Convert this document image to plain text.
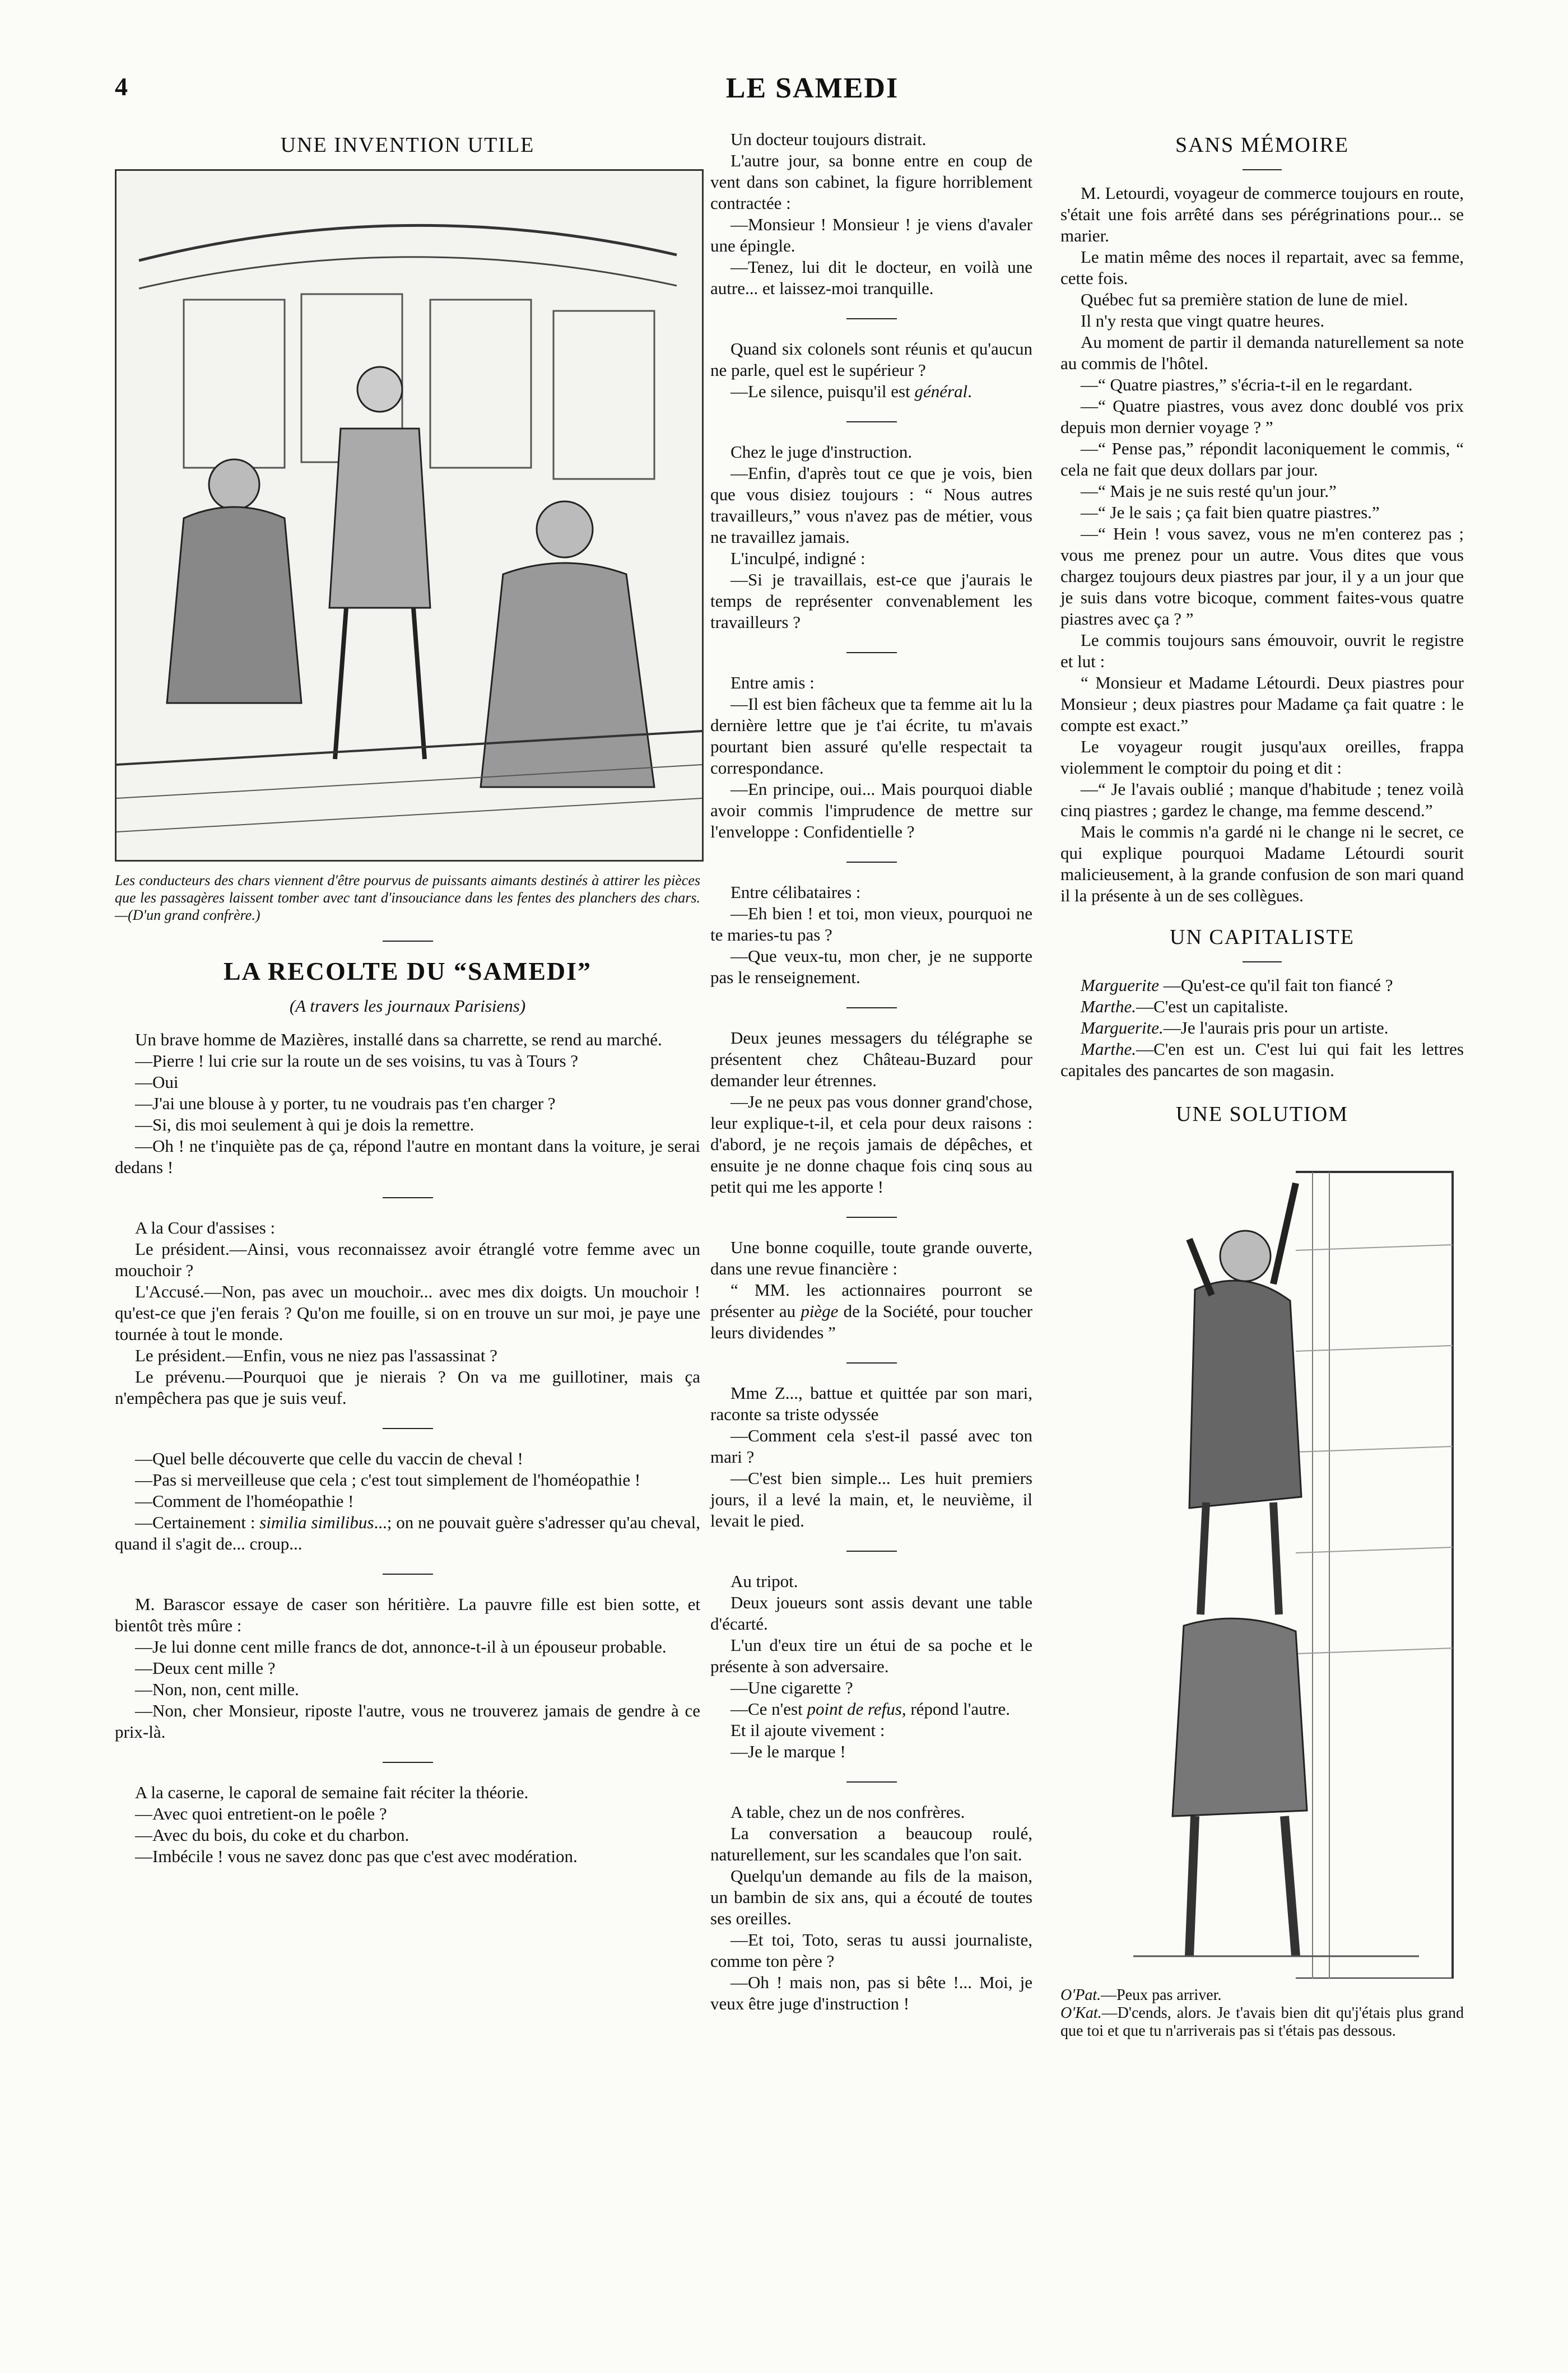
4	LE SAMEDI
UNE INVENTION UTILE
Les conducteurs des chars viennent d'être pourvus de puissants aimants destinés à attirer les pièces que les passagères laissent tomber avec tant d'insouciance dans les fentes des planchers des chars.—(D'un grand confrère.)
LA RECOLTE DU “SAMEDI”
(A travers les journaux Parisiens)

Un brave homme de Mazières, installé dans sa charrette, se rend au marché.

—Pierre ! lui crie sur la route un de ses voisins, tu vas à Tours ?

—Oui

—J'ai une blouse à y porter, tu ne voudrais pas t'en charger ?

—Si, dis moi seulement à qui je dois la remettre.

—Oh ! ne t'inquiète pas de ça, répond l'autre en montant dans la voiture, je serai dedans !

A la Cour d'assises :

Le président.—Ainsi, vous reconnaissez avoir étranglé votre femme avec un mouchoir ?

L'Accusé.—Non, pas avec un mouchoir... avec mes dix doigts. Un mouchoir ! qu'est-ce que j'en ferais ? Qu'on me fouille, si on en trouve un sur moi, je paye une tournée à tout le monde.

Le président.—Enfin, vous ne niez pas l'assassinat ?

Le prévenu.—Pourquoi que je nierais ? On va me guillotiner, mais ça n'empêchera pas que je suis veuf.

—Quel belle découverte que celle du vaccin de cheval !

—Pas si merveilleuse que cela ; c'est tout simplement de l'homéopathie !

—Comment de l'homéopathie !

—Certainement : similia similibus...; on ne pouvait guère s'adresser qu'au cheval, quand il s'agit de... croup...

M. Barascor essaye de caser son héritière. La pauvre fille est bien sotte, et bientôt très mûre :

—Je lui donne cent mille francs de dot, annonce-t-il à un épouseur probable.

—Deux cent mille ?

—Non, non, cent mille.

—Non, cher Monsieur, riposte l'autre, vous ne trouverez jamais de gendre à ce prix-là.

A la caserne, le caporal de semaine fait réciter la théorie.

—Avec quoi entretient-on le poêle ?

—Avec du bois, du coke et du charbon.

—Imbécile ! vous ne savez donc pas que c'est avec modération.

Un docteur toujours distrait.

L'autre jour, sa bonne entre en coup de vent dans son cabinet, la figure horriblement contractée :

—Monsieur ! Monsieur ! je viens d'avaler une épingle.

—Tenez, lui dit le docteur, en voilà une autre... et laissez-moi tranquille.

Quand six colonels sont réunis et qu'aucun ne parle, quel est le supérieur ?

—Le silence, puisqu'il est général.

Chez le juge d'instruction.

—Enfin, d'après tout ce que je vois, bien que vous disiez toujours : “ Nous autres travailleurs,” vous n'avez pas de métier, vous ne travaillez jamais.

L'inculpé, indigné :

—Si je travaillais, est-ce que j'aurais le temps de représenter convenablement les travailleurs ?

Entre amis :

—Il est bien fâcheux que ta femme ait lu la dernière lettre que je t'ai écrite, tu m'avais pourtant bien assuré qu'elle respectait ta correspondance.

—En principe, oui... Mais pourquoi diable avoir commis l'imprudence de mettre sur l'enveloppe : Confidentielle ?

Entre célibataires :

—Eh bien ! et toi, mon vieux, pourquoi ne te maries-tu pas ?

—Que veux-tu, mon cher, je ne supporte pas le renseignement.

Deux jeunes messagers du télégraphe se présentent chez Château-Buzard pour demander leur étrennes.

—Je ne peux pas vous donner grand'chose, leur explique-t-il, et cela pour deux raisons : d'abord, je ne reçois jamais de dépêches, et ensuite je ne donne chaque fois cinq sous au petit qui me les apporte !

Une bonne coquille, toute grande ouverte, dans une revue financière :

“ MM. les actionnaires pourront se présenter au piège de la Société, pour toucher leurs dividendes ”

Mme Z..., battue et quittée par son mari, raconte sa triste odyssée

—Comment cela s'est-il passé avec ton mari ?

—C'est bien simple... Les huit premiers jours, il a levé la main, et, le neuvième, il levait le pied.

Au tripot.

Deux joueurs sont assis devant une table d'écarté.

L'un d'eux tire un étui de sa poche et le présente à son adversaire.

—Une cigarette ?

—Ce n'est point de refus, répond l'autre.

Et il ajoute vivement :

—Je le marque !

A table, chez un de nos confrères.

La conversation a beaucoup roulé, naturellement, sur les scandales que l'on sait.

Quelqu'un demande au fils de la maison, un bambin de six ans, qui a écouté de toutes ses oreilles.

—Et toi, Toto, seras tu aussi journaliste, comme ton père ?

—Oh ! mais non, pas si bête !... Moi, je veux être juge d'instruction !

SANS MÉMOIRE

M. Letourdi, voyageur de commerce toujours en route, s'était une fois arrêté dans ses pérégrinations pour... se marier.

Le matin même des noces il repartait, avec sa femme, cette fois.

Québec fut sa première station de lune de miel.

Il n'y resta que vingt quatre heures.

Au moment de partir il demanda naturellement sa note au commis de l'hôtel.

—“ Quatre piastres,” s'écria-t-il en le regardant.

—“ Quatre piastres, vous avez donc doublé vos prix depuis mon dernier voyage ? ”

—“ Pense pas,” répondit laconiquement le commis, “ cela ne fait que deux dollars par jour.

—“ Mais je ne suis resté qu'un jour.”

—“ Je le sais ; ça fait bien quatre piastres.”

—“ Hein ! vous savez, vous ne m'en conterez pas ; vous me prenez pour un autre. Vous dites que vous chargez toujours deux piastres par jour, il y a un jour que je suis dans votre bicoque, comment faites-vous quatre piastres avec ça ? ”

Le commis toujours sans émouvoir, ouvrit le registre et lut :

“ Monsieur et Madame Létourdi. Deux piastres pour Monsieur ; deux piastres pour Madame ça fait quatre : le compte est exact.”

Le voyageur rougit jusqu'aux oreilles, frappa violemment le comptoir du poing et dit :

—“ Je l'avais oublié ; manque d'habitude ; tenez voilà cinq piastres ; gardez le change, ma femme descend.”

Mais le commis n'a gardé ni le change ni le secret, ce qui explique pourquoi Madame Létourdi sourit malicieusement, à la grande confusion de son mari quand il la présente à un de ses collègues.

UN CAPITALISTE

Marguerite —Qu'est-ce qu'il fait ton fiancé ?

Marthe.—C'est un capitaliste.

Marguerite.—Je l'aurais pris pour un artiste.

Marthe.—C'en est un. C'est lui qui fait les lettres capitales des pancartes de son magasin.

UNE SOLUTIOM

O'Pat.—Peux pas arriver.

O'Kat.—D'cends, alors. Je t'avais bien dit qu'j'étais plus grand que toi et que tu n'arriverais pas si t'étais pas dessous.
